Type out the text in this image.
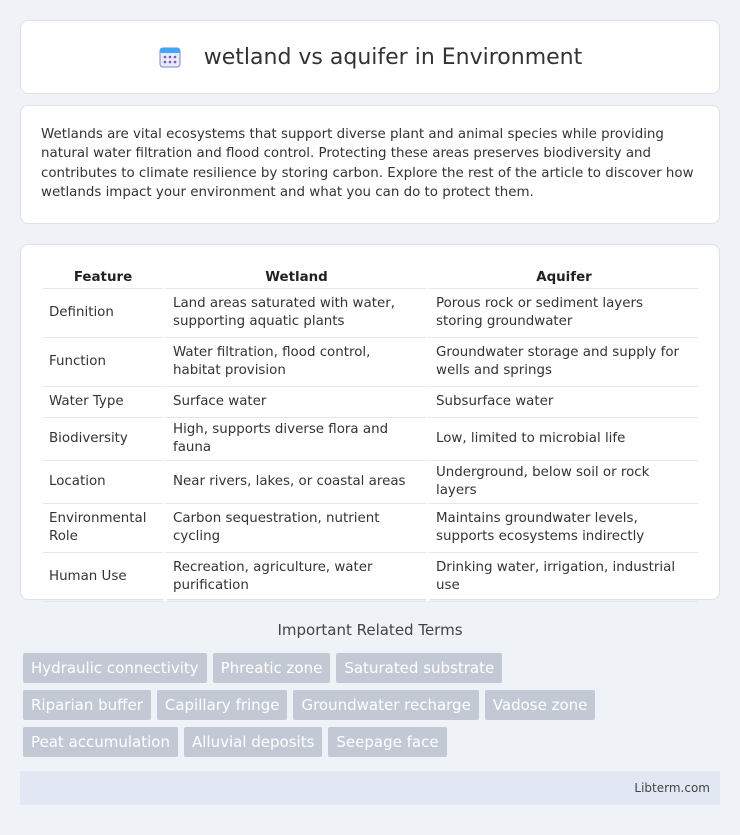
wetland vs aquifer in Environment

Wetlands are vital ecosystems that support diverse plant and animal species while providing natural water filtration and flood control. Protecting these areas preserves biodiversity and contributes to climate resilience by storing carbon. Explore the rest of the article to discover how wetlands impact your environment and what you can do to protect them.

Feature	Wetland	Aquifer
Definition	Land areas saturated with water, supporting aquatic plants	Porous rock or sediment layers storing groundwater
Function	Water filtration, flood control, habitat provision	Groundwater storage and supply for wells and springs
Water Type	Surface water	Subsurface water
Biodiversity	High, supports diverse flora and fauna	Low, limited to microbial life
Location	Near rivers, lakes, or coastal areas	Underground, below soil or rock layers
Environmental Role	Carbon sequestration, nutrient cycling	Maintains groundwater levels, supports ecosystems indirectly
Human Use	Recreation, agriculture, water purification	Drinking water, irrigation, industrial use
Important Related Terms
Hydraulic connectivity	Phreatic zone	Saturated substrate
Riparian buffer	Capillary fringe	Groundwater recharge	Vadose zone
Peat accumulation	Alluvial deposits	Seepage face
Libterm.com
